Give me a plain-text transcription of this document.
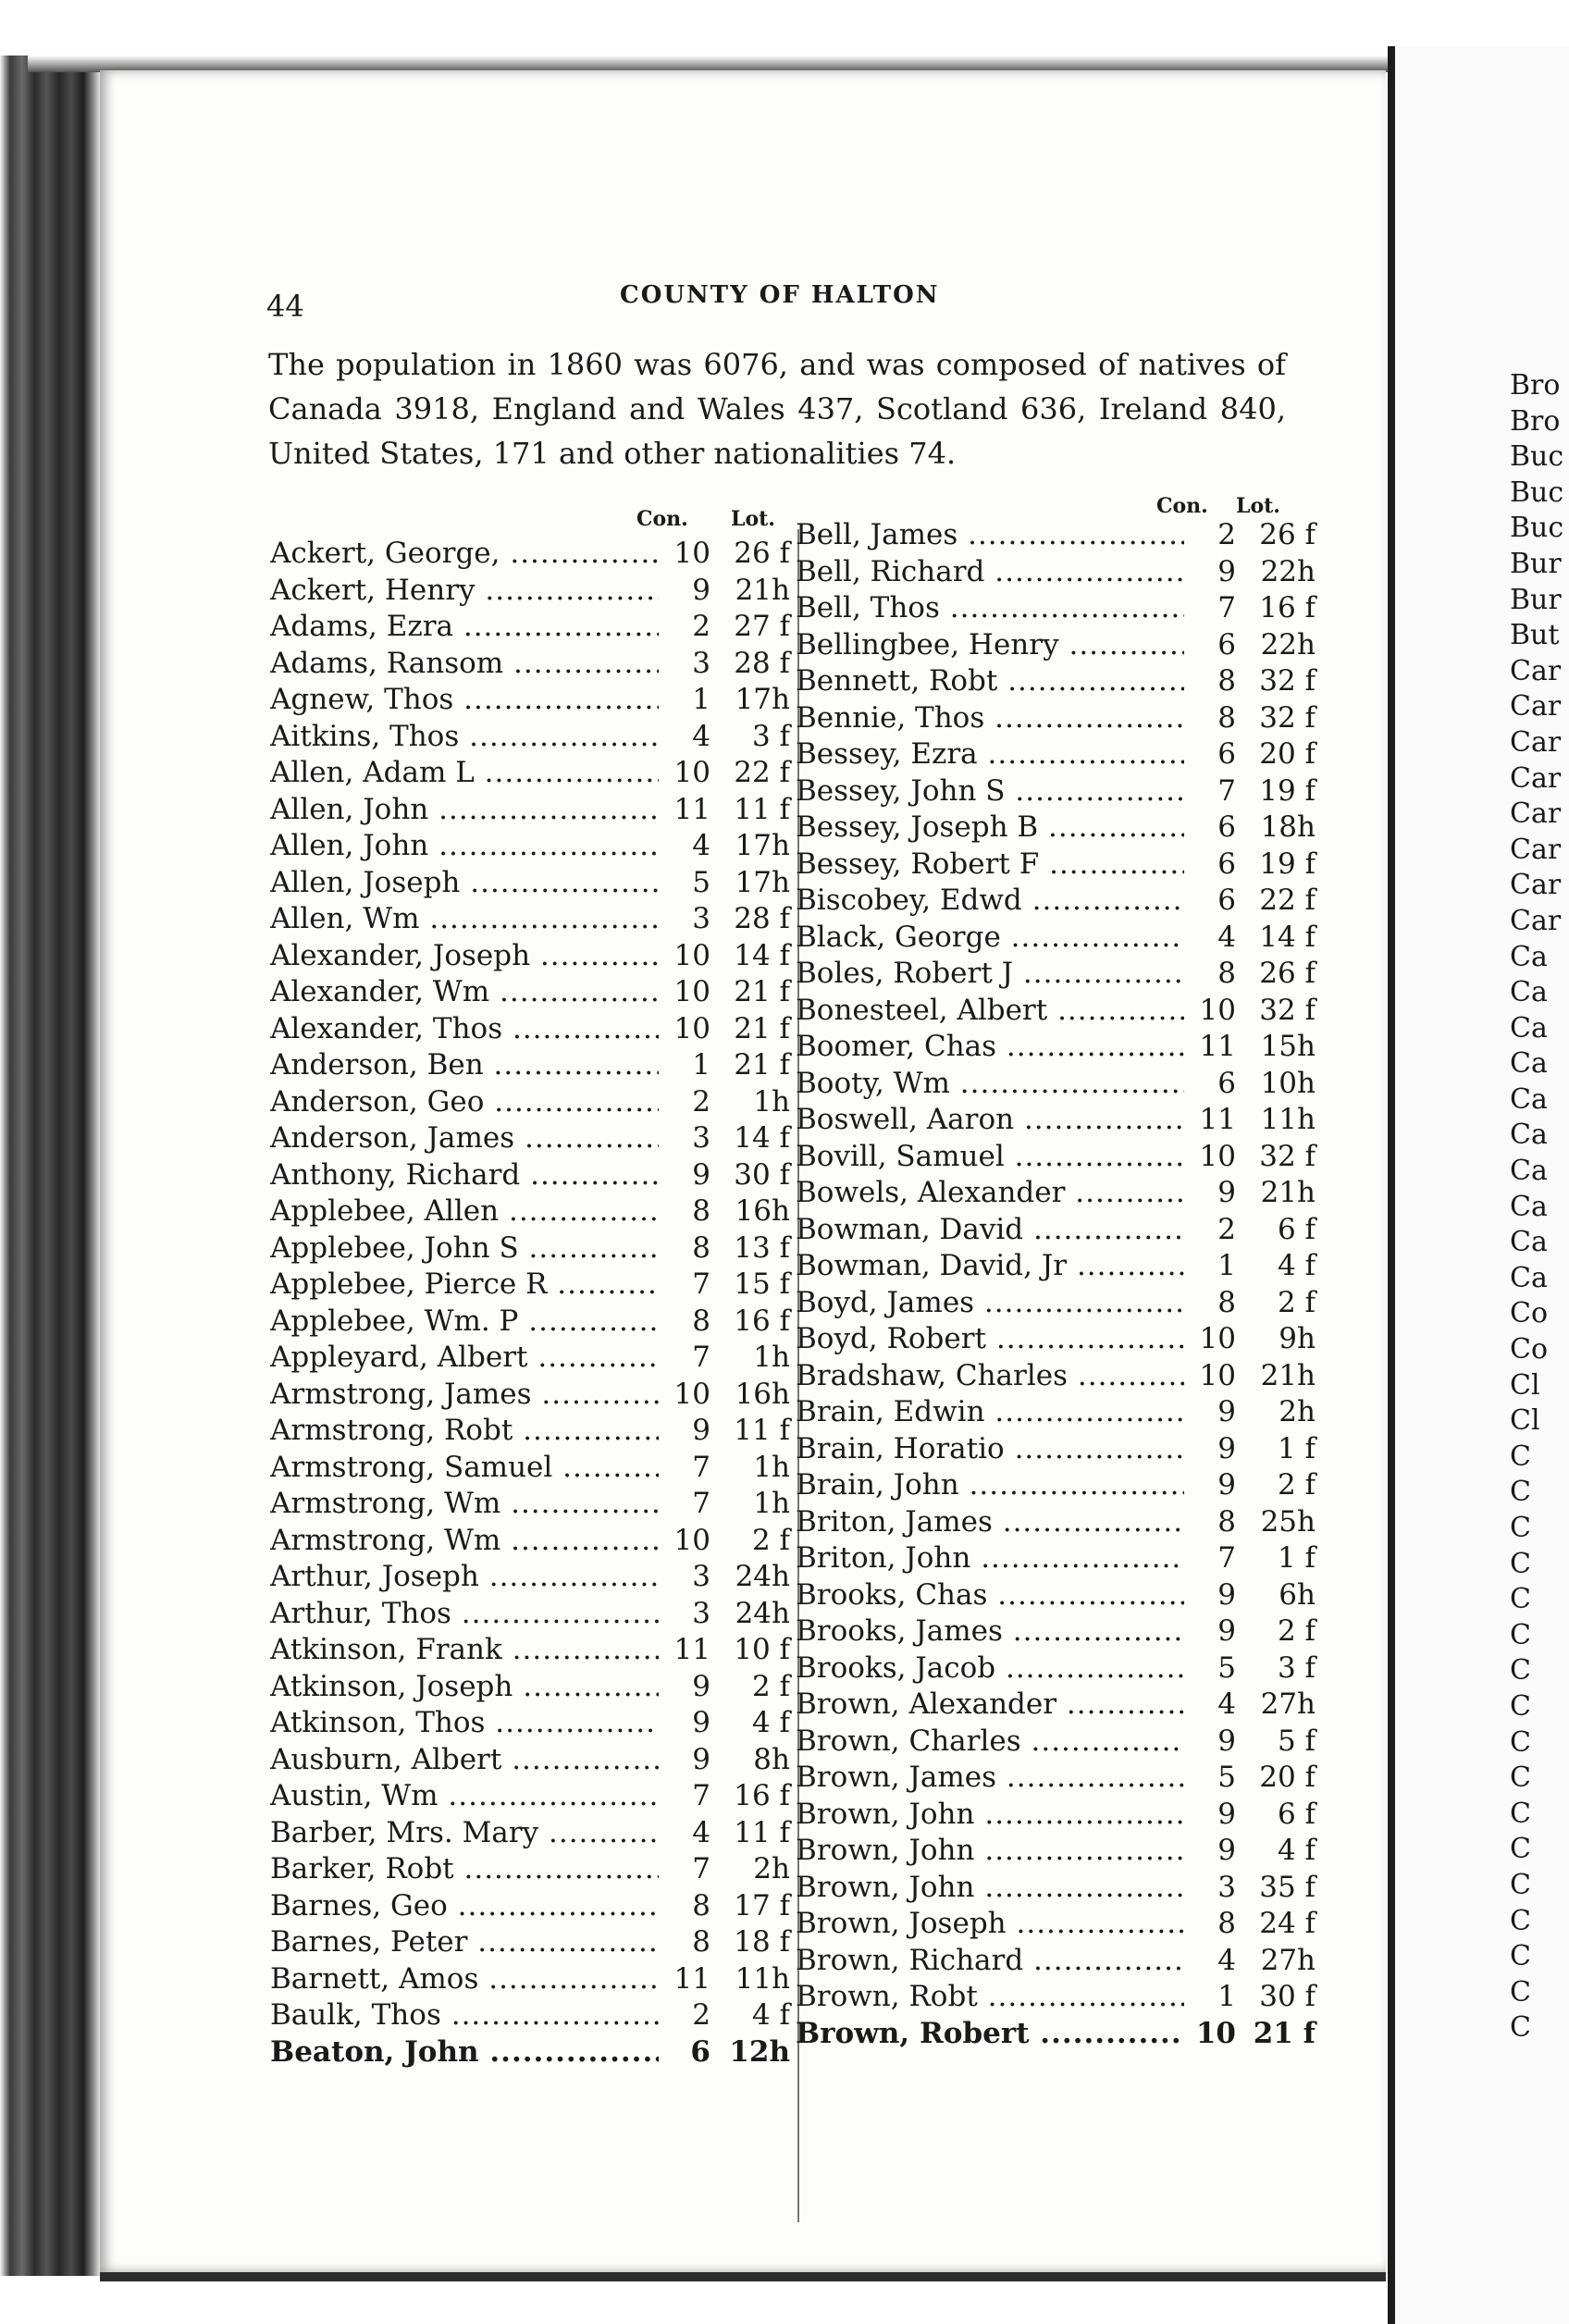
Bro
Bro
Buc
Buc
Buc
Bur
Bur
But
Car
Car
Car
Car
Car
Car
Car
Car
Ca
Ca
Ca
Ca
Ca
Ca
Ca
Ca
Ca
Ca
Co
Co
Cl
Cl
C
C
C
C
C
C
C
C
C
C
C
C
C
C
C
C
C
44	COUNTY OF HALTON
The population in 1860 was 6076, and was composed of natives of Canada 3918, England and Wales 437, Scotland 636, Ireland 840, United States, 171 and other nationalities 74.
Con. Lot.
Con. Lot.
Ackert, George, .....	10 26 f
Ackert, Henry .....	9 21h
Adams, Ezra .....	2 27 f
Adams, Ransom .....	3 28 f
Agnew, Thos .....	1 17h
Aitkins, Thos .....	4	3 f
Allen, Adam L .....	10 22 f
Allen, John .....	11 11 f
Allen, John .....	4 17h
Allen, Joseph .....	5 17h
Allen, Wm .....	3 28 f
Alexander, Joseph .....	10 14 f
Alexander, Wm .....	10 21 f
Alexander, Thos .....	10 21 f
Anderson, Ben .....	1 21 f
Anderson, Geo .....	2	1h
Anderson, James .....	3 14 f
Anthony, Richard .....	9 30 f
Applebee, Allen .....	8 16h
Applebee, John S .....	8 13 f
Applebee, Pierce R .....	7 15 f
Applebee, Wm. P .....	8 16 f
Appleyard, Albert .....	7	1h
Armstrong, James .....	10 16h
Armstrong, Robt .....	9 11 f
Armstrong, Samuel .....	7	1h
Armstrong, Wm .....	7	1h
Armstrong, Wm .....	10	2 f
Arthur, Joseph .....	3 24h
Arthur, Thos .....	3 24h
Atkinson, Frank .....	11 10 f
Atkinson, Joseph .....	9	2 f
Atkinson, Thos .....	9	4 f
Ausburn, Albert .....	9	8h
Austin, Wm .....	7 16 f
Barber, Mrs. Mary .....	4 11 f
Barker, Robt .....	7	2h
Barnes, Geo .....	8 17 f
Barnes, Peter .....	8 18 f
Barnett, Amos .....	11 11h
Baulk, Thos .....	2	4 f
Beaton, John .....	6 12h
Bell, James .....	2 26 f
Bell, Richard .....	9 22h
Bell, Thos .....	7 16 f
Bellingbee, Henry .....	6 22h
Bennett, Robt .....	8 32 f
Bennie, Thos .....	8 32 f
Bessey, Ezra .....	6 20 f
Bessey, John S .....	7 19 f
Bessey, Joseph B .....	6 18h
Bessey, Robert F .....	6 19 f
Biscobey, Edwd .....	6 22 f
Black, George .....	4 14 f
Boles, Robert J .....	8 26 f
Bonesteel, Albert .....	10 32 f
Boomer, Chas .....	11 15h
Booty, Wm .....	6 10h
Boswell, Aaron .....	11 11h
Bovill, Samuel .....	10 32 f
Bowels, Alexander .....	9 21h
Bowman, David .....	2	6 f
Bowman, David, Jr .....	1	4 f
Boyd, James .....	8	2 f
Boyd, Robert .....	10	9h
Bradshaw, Charles .....	10 21h
Brain, Edwin .....	9	2h
Brain, Horatio .....	9	1 f
Brain, John .....	9	2 f
Briton, James .....	8 25h
Briton, John .....	7	1 f
Brooks, Chas .....	9	6h
Brooks, James .....	9	2 f
Brooks, Jacob .....	5	3 f
Brown, Alexander .....	4 27h
Brown, Charles .....	9	5 f
Brown, James .....	5 20 f
Brown, John .....	9	6 f
Brown, John .....	9	4 f
Brown, John .....	3 35 f
Brown, Joseph .....	8 24 f
Brown, Richard .....	4 27h
Brown, Robt .....	1 30 f
Brown, Robert .....	10 21 f
